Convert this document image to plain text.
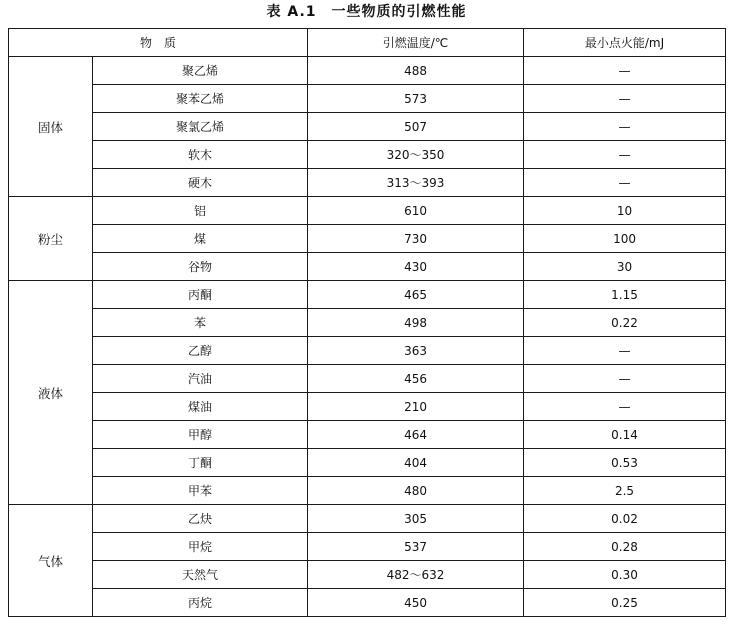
表 A.1　一些物质的引燃性能
物　质		引燃温度/℃	最小点火能/mJ
固体	聚乙烯	488	—
	聚苯乙烯	573	—
	聚氯乙烯	507	—
	软木	320～350	—
	硬木	313～393	—
粉尘	铝	610	10
	煤	730	100
	谷物	430	30
液体	丙酮	465	1.15
	苯	498	0.22
	乙醇	363	—
	汽油	456	—
	煤油	210	—
	甲醇	464	0.14
	丁酮	404	0.53
	甲苯	480	2.5
气体	乙炔	305	0.02
	甲烷	537	0.28
	天然气	482～632	0.30
	丙烷	450	0.25
